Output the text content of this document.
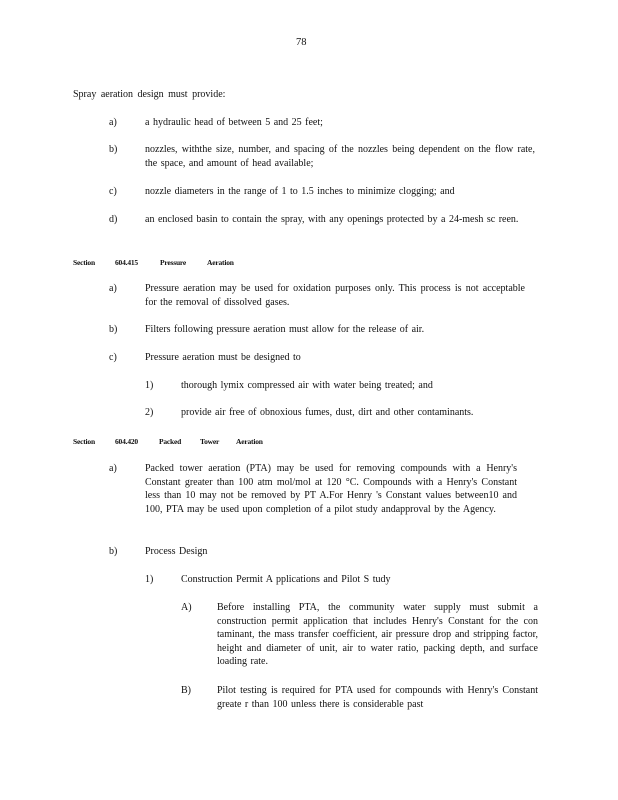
78
Spray aeration design must provide:
a)	a hydraulic head of between 5 and 25 feet;
b)	nozzles, withthe size, number, and spacing of the nozzles being dependent on the flow rate, the space, and amount of head available;
c)	nozzle diameters in the range of 1 to 1.5 inches to minimize clogging; and
d)	an enclosed basin to contain the spray, with any openings protected by a 24-mesh sc reen.
Section	604.415	Pressure	Aeration
a)	Pressure aeration may be used for oxidation purposes only. This process is not acceptable for the removal of dissolved gases.
b)	Filters following pressure aeration must allow for the release of air.
c)	Pressure aeration must be designed to
1)	thorough lymix compressed air with water being treated; and
2)	provide air free of obnoxious fumes, dust, dirt and other contaminants.
Section	604.420	Packed	Tower Aeration
a)	Packed tower aeration (PTA) may be used for removing compounds with a Henry's Constant greater than 100 atm mol/mol at 120 °C. Compounds with a Henry's Constant less than 10 may not be removed by PT A.For Henry 's Constant values between10 and 100, PTA may be used upon completion of a pilot study andapproval by the Agency.
b)	Process Design
1)	Construction Permit A pplications and Pilot S tudy
A)	Before installing PTA, the community water supply must submit a construction permit application that includes Henry's Constant for the con taminant, the mass transfer coefficient, air pressure drop and stripping factor, height and diameter of unit, air to water ratio, packing depth, and surface loading rate.
B)	Pilot testing is required for PTA used for compounds with Henry's Constant greate r than 100 unless there is considerable past
